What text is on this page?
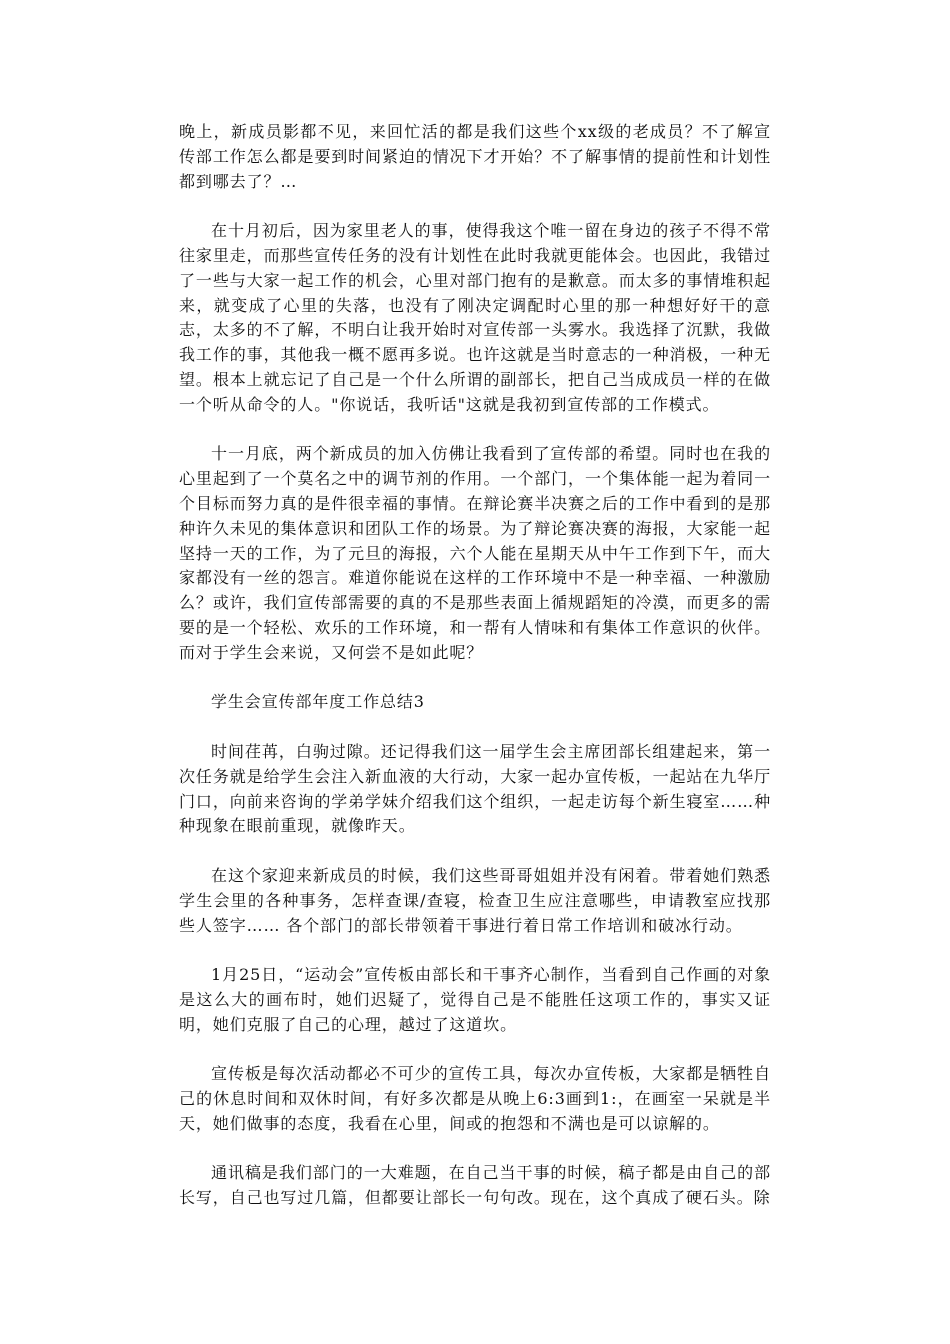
晚上，新成员影都不见，来回忙活的都是我们这些个xx级的老成员？不了解宣传部工作怎么都是要到时间紧迫的情况下才开始？不了解事情的提前性和计划性都到哪去了？…

在十月初后，因为家里老人的事，使得我这个唯一留在身边的孩子不得不常往家里走，而那些宣传任务的没有计划性在此时我就更能体会。也因此，我错过了一些与大家一起工作的机会，心里对部门抱有的是歉意。而太多的事情堆积起来，就变成了心里的失落，也没有了刚决定调配时心里的那一种想好好干的意志，太多的不了解，不明白让我开始时对宣传部一头雾水。我选择了沉默，我做我工作的事，其他我一概不愿再多说。也许这就是当时意志的一种消极，一种无望。根本上就忘记了自己是一个什么所谓的副部长，把自己当成成员一样的在做一个听从命令的人。"你说话，我听话"这就是我初到宣传部的工作模式。

十一月底，两个新成员的加入仿佛让我看到了宣传部的希望。同时也在我的心里起到了一个莫名之中的调节剂的作用。一个部门，一个集体能一起为着同一个目标而努力真的是件很幸福的事情。在辩论赛半决赛之后的工作中看到的是那种许久未见的集体意识和团队工作的场景。为了辩论赛决赛的海报，大家能一起坚持一天的工作，为了元旦的海报，六个人能在星期天从中午工作到下午，而大家都没有一丝的怨言。难道你能说在这样的工作环境中不是一种幸福、一种激励么？或许，我们宣传部需要的真的不是那些表面上循规蹈矩的冷漠，而更多的需要的是一个轻松、欢乐的工作环境，和一帮有人情味和有集体工作意识的伙伴。而对于学生会来说，又何尝不是如此呢？

学生会宣传部年度工作总结3

时间荏苒，白驹过隙。还记得我们这一届学生会主席团部长组建起来，第一次任务就是给学生会注入新血液的大行动，大家一起办宣传板，一起站在九华厅门口，向前来咨询的学弟学妹介绍我们这个组织，一起走访每个新生寝室……种种现象在眼前重现，就像昨天。

在这个家迎来新成员的时候，我们这些哥哥姐姐并没有闲着。带着她们熟悉学生会里的各种事务，怎样查课/查寝，检查卫生应注意哪些，申请教室应找那些人签字…… 各个部门的部长带领着干事进行着日常工作培训和破冰行动。

1月25日，“运动会”宣传板由部长和干事齐心制作，当看到自己作画的对象是这么大的画布时，她们迟疑了，觉得自己是不能胜任这项工作的，事实又证明，她们克服了自己的心理，越过了这道坎。

宣传板是每次活动都必不可少的宣传工具，每次办宣传板，大家都是牺牲自己的休息时间和双休时间，有好多次都是从晚上6:3画到1:，在画室一呆就是半天，她们做事的态度，我看在心里，间或的抱怨和不满也是可以谅解的。

通讯稿是我们部门的一大难题，在自己当干事的时候，稿子都是由自己的部长写，自己也写过几篇，但都要让部长一句句改。现在，这个真成了硬石头。除
